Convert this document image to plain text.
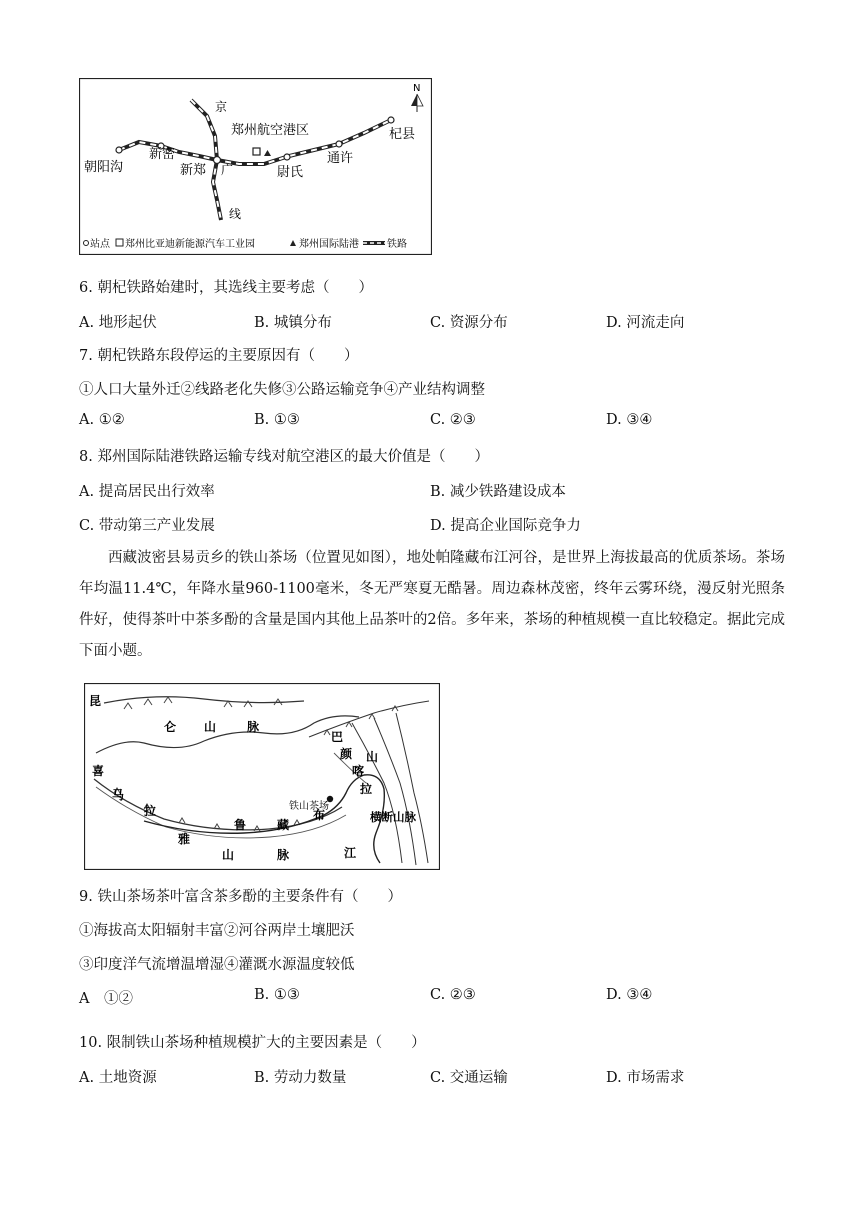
N
京
郑州航空港区	杞县
朝阳沟
新密
新郑 广	尉氏
通许
线
站点 郑州比亚迪新能源汽车工业园	郑州国际陆港	铁路
6. 朝杞铁路始建时，其选线主要考虑（　　）
A. 地形起伏	B. 城镇分布	C. 资源分布	D. 河流走向
7. 朝杞铁路东段停运的主要原因有（　　）
①人口大量外迁②线路老化失修③公路运输竞争④产业结构调整
A. ①②	B. ①③	C. ②③	D. ③④
8. 郑州国际陆港铁路运输专线对航空港区的最大价值是（　　）
A. 提高居民出行效率	B. 减少铁路建设成本
C. 带动第三产业发展	D. 提高企业国际竞争力

西藏波密县易贡乡的铁山茶场（位置见如图），地处帕隆藏布江河谷，是世界上海拔最高的优质茶场。茶场年均温11.4℃，年降水量960-1100毫米，冬无严寒夏无酷暑。周边森林茂密，终年云雾环绕，漫反射光照条件好，使得茶叶中茶多酚的含量是国内其他上品茶叶的2倍。多年来，茶场的种植规模一直比较稳定。据此完成下面小题。

昆
仑 山	脉
巴
颜
喀
拉
山
喜
马
拉
雅
鲁	藏
布
江
山	脉
铁山茶场
横断山脉
9. 铁山茶场茶叶富含茶多酚的主要条件有（　　）
①海拔高太阳辐射丰富②河谷两岸土壤肥沃
③印度洋气流增温增湿④灌溉水源温度较低
A　①②	B. ①③	C. ②③	D. ③④
10. 限制铁山茶场种植规模扩大的主要因素是（　　）
A. 土地资源	B. 劳动力数量	C. 交通运输	D. 市场需求
